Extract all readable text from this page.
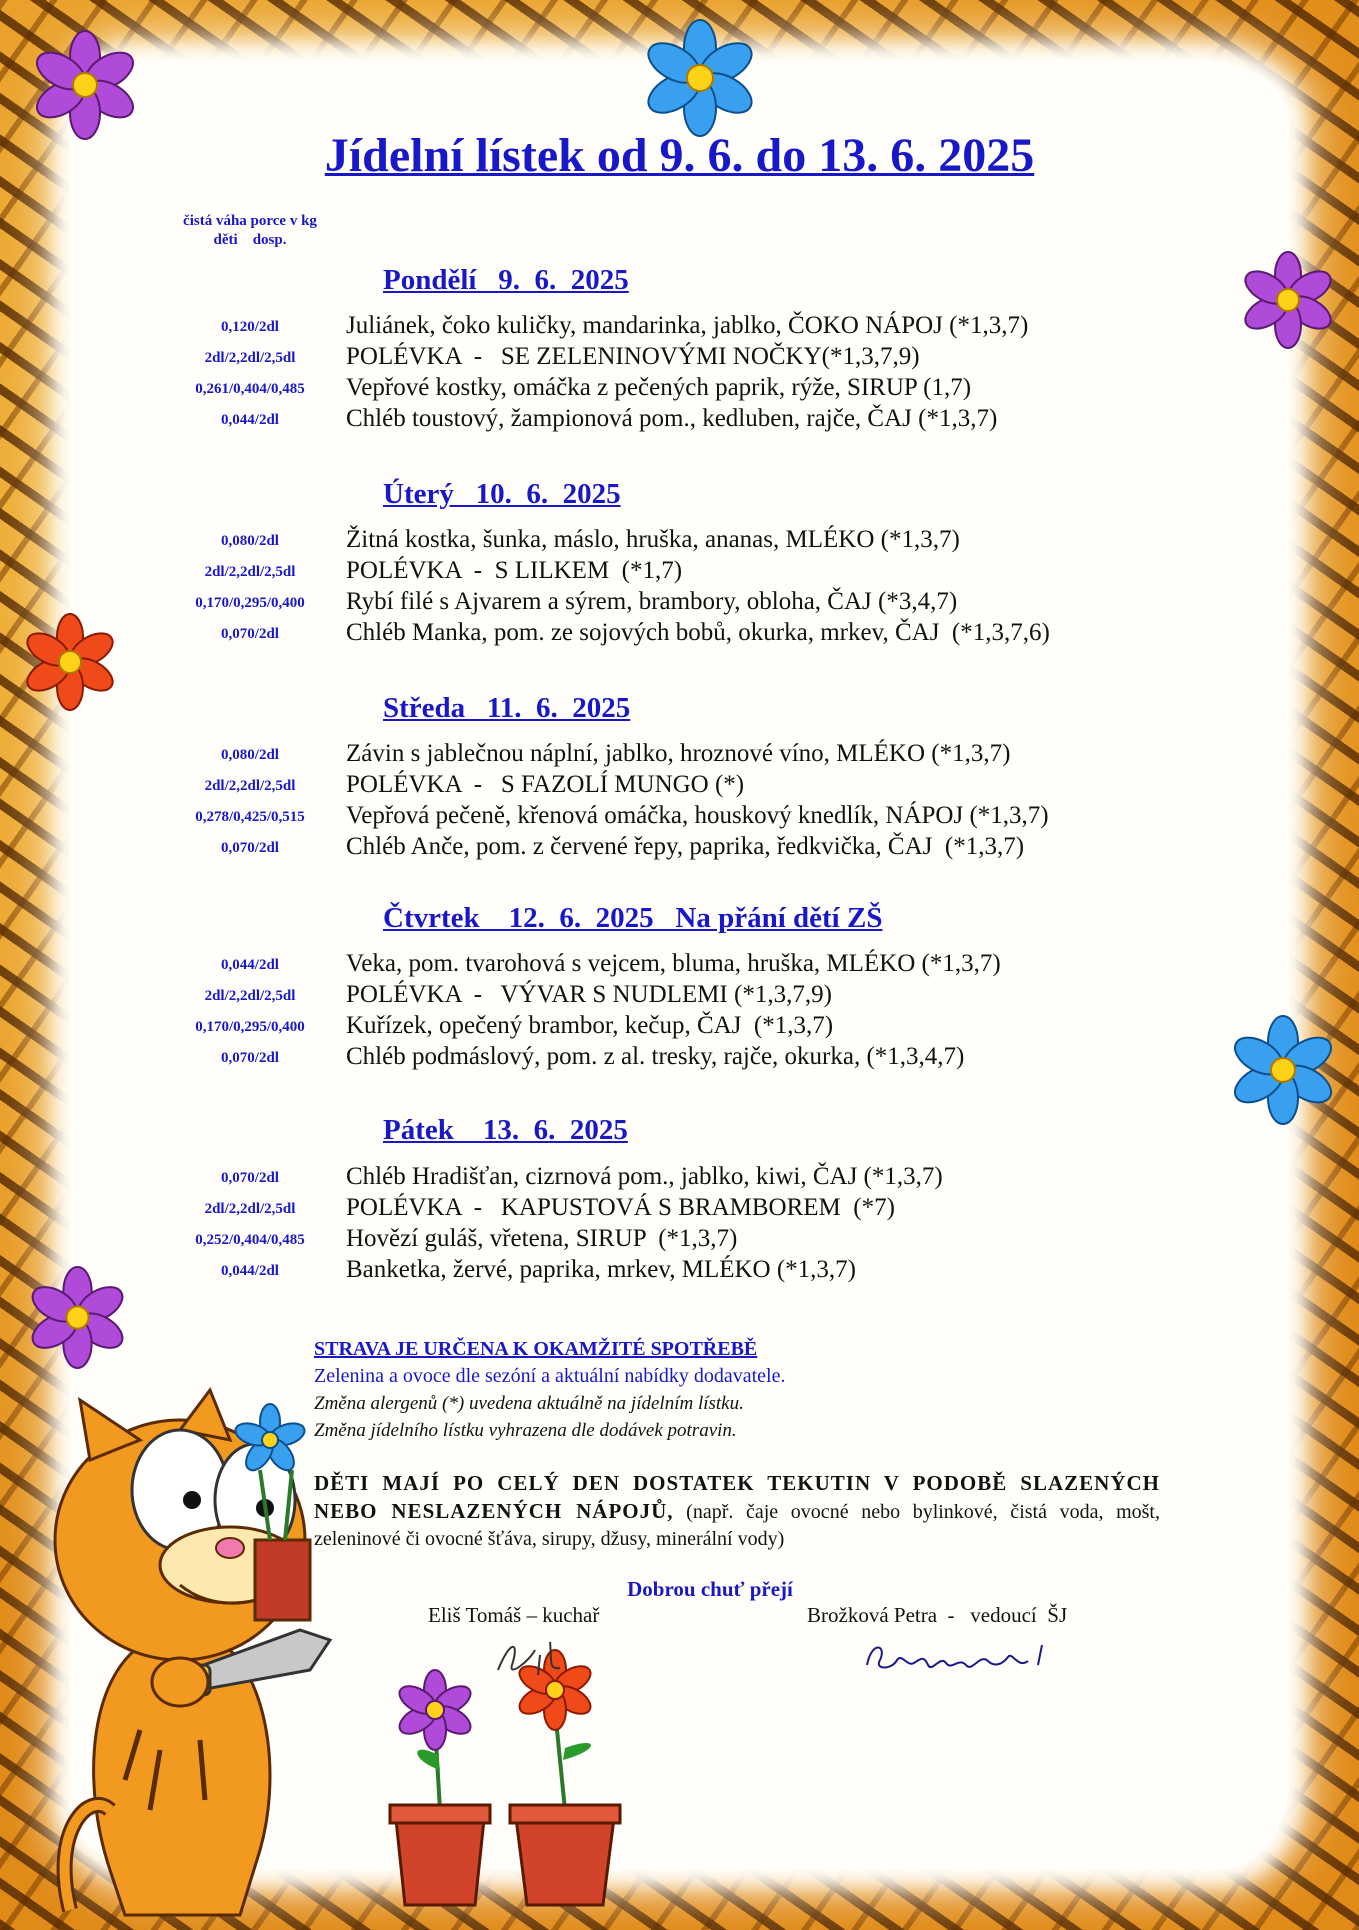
Jídelní lístek od 9. 6. do 13. 6. 2025
čistá váha porce v kg
děti    dosp.
Pondělí   9.  6.  2025
0,120/2dl	Juliánek, čoko kuličky, mandarinka, jablko, ČOKO NÁPOJ (*1,3,7)
2dl/2,2dl/2,5dl	POLÉVKA  -   SE ZELENINOVÝMI NOČKY(*1,3,7,9)
0,261/0,404/0,485	Vepřové kostky, omáčka z pečených paprik, rýže, SIRUP (1,7)
0,044/2dl	Chléb toustový, žampionová pom., kedluben, rajče, ČAJ (*1,3,7)
Úterý   10.  6.  2025
0,080/2dl	Žitná kostka, šunka, máslo, hruška, ananas, MLÉKO (*1,3,7)
2dl/2,2dl/2,5dl	POLÉVKA  -  S LILKEM  (*1,7)
0,170/0,295/0,400	Rybí filé s Ajvarem a sýrem, brambory, obloha, ČAJ (*3,4,7)
0,070/2dl	Chléb Manka, pom. ze sojových bobů, okurka, mrkev, ČAJ  (*1,3,7,6)
Středa   11.  6.  2025
0,080/2dl	Závin s jablečnou náplní, jablko, hroznové víno, MLÉKO (*1,3,7)
2dl/2,2dl/2,5dl	POLÉVKA  -   S FAZOLÍ MUNGO (*)
0,278/0,425/0,515	Vepřová pečeně, křenová omáčka, houskový knedlík, NÁPOJ (*1,3,7)
0,070/2dl	Chléb Anče, pom. z červené řepy, paprika, ředkvička, ČAJ  (*1,3,7)
Čtvrtek    12.  6.  2025   Na přání dětí ZŠ
0,044/2dl	Veka, pom. tvarohová s vejcem, bluma, hruška, MLÉKO (*1,3,7)
2dl/2,2dl/2,5dl	POLÉVKA  -   VÝVAR S NUDLEMI (*1,3,7,9)
0,170/0,295/0,400	Kuřízek, opečený brambor, kečup, ČAJ  (*1,3,7)
0,070/2dl	Chléb podmáslový, pom. z al. tresky, rajče, okurka, (*1,3,4,7)
Pátek    13.  6.  2025
0,070/2dl	Chléb Hradišťan, cizrnová pom., jablko, kiwi, ČAJ (*1,3,7)
2dl/2,2dl/2,5dl	POLÉVKA  -   KAPUSTOVÁ S BRAMBOREM  (*7)
0,252/0,404/0,485	Hovězí guláš, vřetena, SIRUP  (*1,3,7)
0,044/2dl	Banketka, žervé, paprika, mrkev, MLÉKO (*1,3,7)
STRAVA JE URČENA K OKAMŽITÉ SPOTŘEBĚ
Zelenina a ovoce dle sezóní a aktuální nabídky dodavatele.
Změna alergenů (*) uvedena aktuálně na jídelním lístku.
Změna jídelního lístku vyhrazena dle dodávek potravin.
DĚTI MAJÍ PO CELÝ DEN DOSTATEK TEKUTIN V PODOBĚ SLAZENÝCH NEBO NESLAZENÝCH NÁPOJŮ, (např. čaje ovocné nebo bylinkové, čistá voda, mošt, zeleninové či ovocné šťáva, sirupy, džusy, minerální vody)
Dobrou chuť přejí
Eliš Tomáš – kuchař	Brožková Petra  -   vedoucí  ŠJ
